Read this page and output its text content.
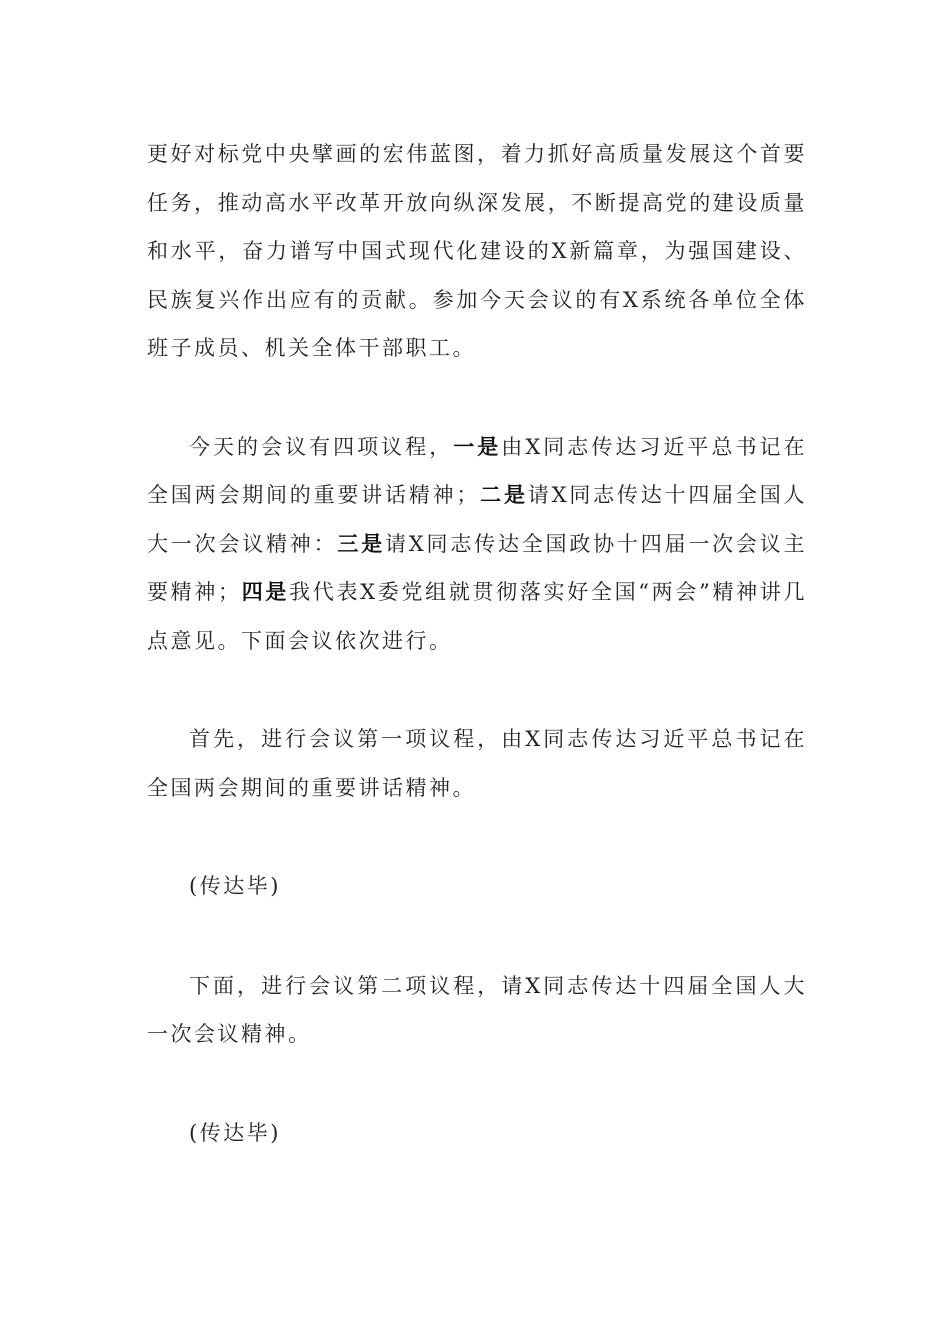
更好对标党中央擘画的宏伟蓝图，着力抓好高质量发展这个首要任务，推动高水平改革开放向纵深发展，不断提高党的建设质量和水平，奋力谱写中国式现代化建设的X新篇章，为强国建设、民族复兴作出应有的贡献。参加今天会议的有X系统各单位全体班子成员、机关全体干部职工。

今天的会议有四项议程，一是由X同志传达习近平总书记在全国两会期间的重要讲话精神；二是请X同志传达十四届全国人大一次会议精神：三是请X同志传达全国政协十四届一次会议主要精神；四是我代表X委党组就贯彻落实好全国“两会”精神讲几点意见。下面会议依次进行。

首先，进行会议第一项议程，由X同志传达习近平总书记在全国两会期间的重要讲话精神。

(传达毕)

下面，进行会议第二项议程，请X同志传达十四届全国人大一次会议精神。

(传达毕)
